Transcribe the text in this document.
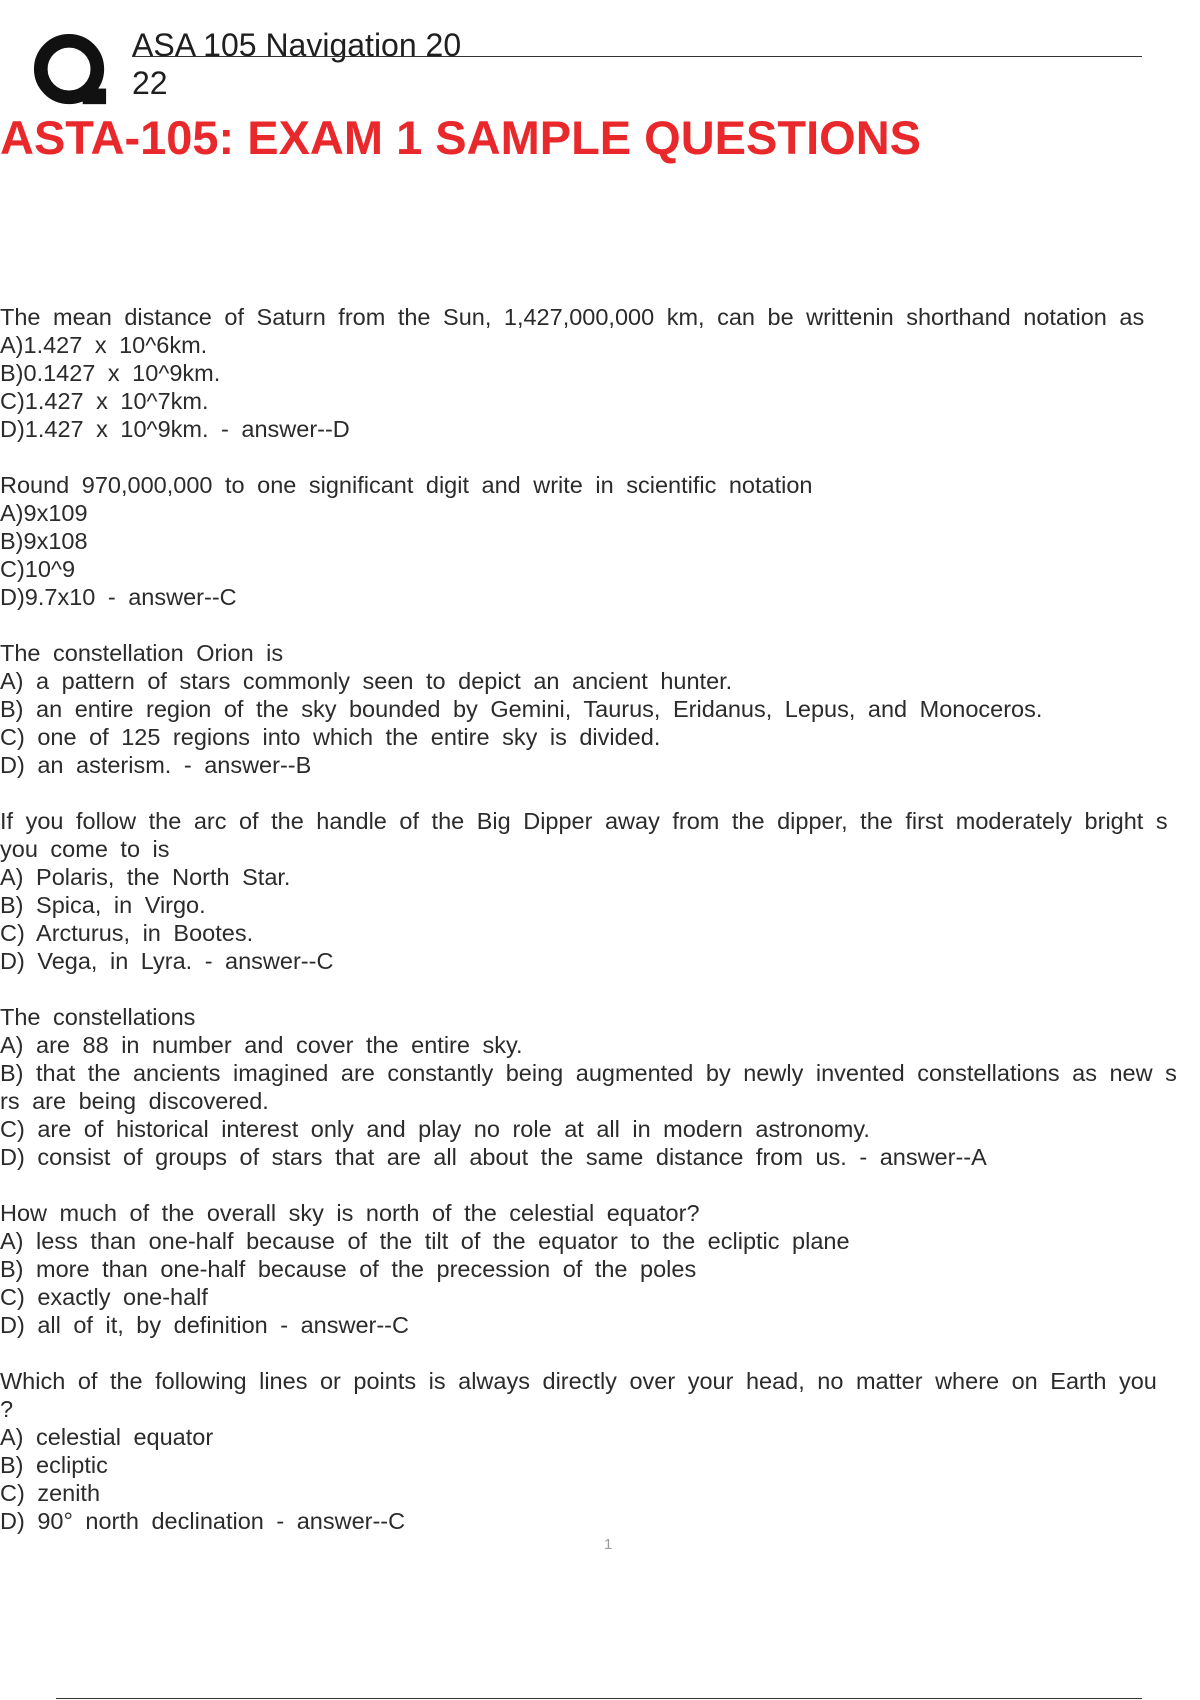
ASA 105 Navigation 2022
ASTA-105: EXAM 1 SAMPLE QUESTIONS
The mean distance of Saturn from the Sun, 1,427,000,000 km, can be writtenin shorthand notation as
A)1.427 x 10^6km.
B)0.1427 x 10^9km.
C)1.427 x 10^7km.
D)1.427 x 10^9km. - answer--D
Round 970,000,000 to one significant digit and write in scientific notation
A)9x109
B)9x108
C)10^9
D)9.7x10 - answer--C
The constellation Orion is
A) a pattern of stars commonly seen to depict an ancient hunter.
B) an entire region of the sky bounded by Gemini, Taurus, Eridanus, Lepus, and Monoceros.
C) one of 125 regions into which the entire sky is divided.
D) an asterism. - answer--B
If you follow the arc of the handle of the Big Dipper away from the dipper, the first moderately bright s
you come to is
A) Polaris, the North Star.
B) Spica, in Virgo.
C) Arcturus, in Bootes.
D) Vega, in Lyra. - answer--C
The constellations
A) are 88 in number and cover the entire sky.
B) that the ancients imagined are constantly being augmented by newly invented constellations as new s
rs are being discovered.
C) are of historical interest only and play no role at all in modern astronomy.
D) consist of groups of stars that are all about the same distance from us. - answer--A
How much of the overall sky is north of the celestial equator?
A) less than one-half because of the tilt of the equator to the ecliptic plane
B) more than one-half because of the precession of the poles
C) exactly one-half
D) all of it, by definition - answer--C
Which of the following lines or points is always directly over your head, no matter where on Earth you
?
A) celestial equator
B) ecliptic
C) zenith
D) 90° north declination - answer--C
1
